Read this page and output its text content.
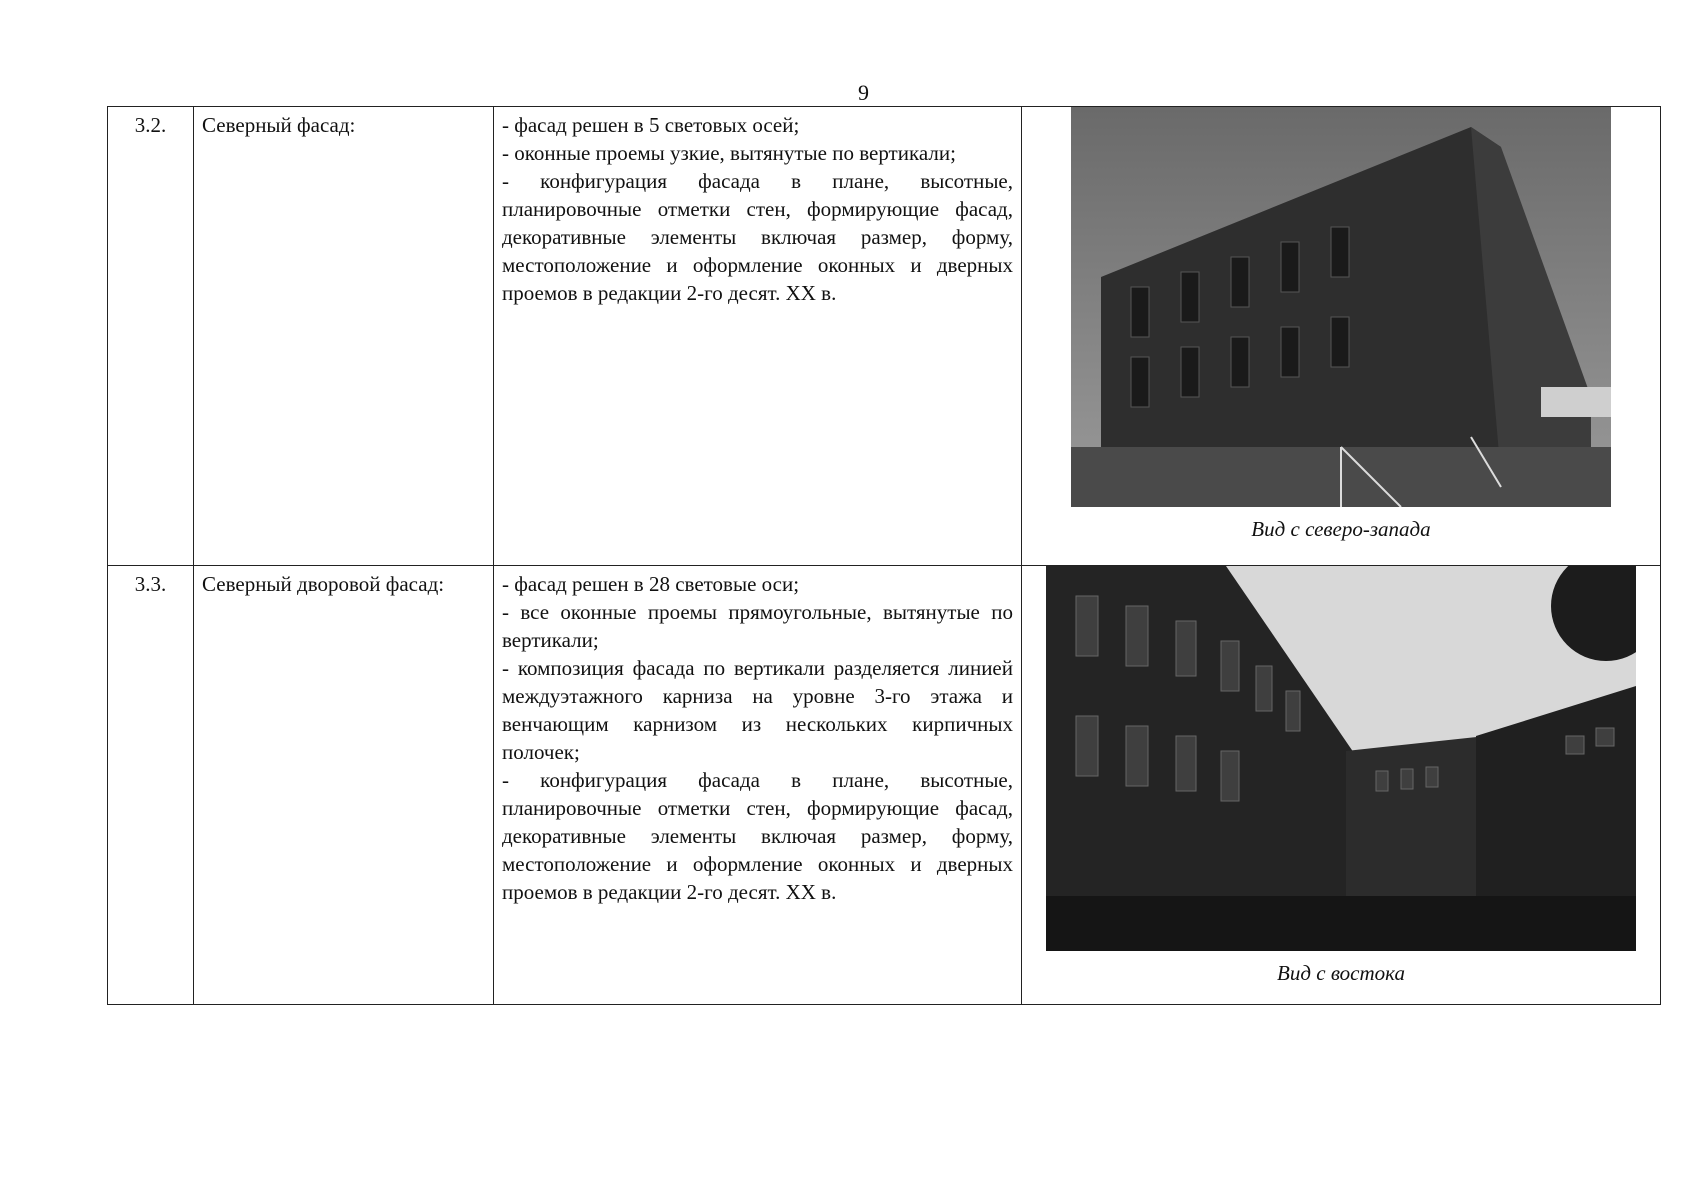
9
3.2.	Северный фасад:	- фасад решен в 5 световых осей;

- оконные проемы узкие, вытянутые по вертикали;

- конфигурация фасада в плане, высотные, планировочные отметки стен, формирующие фасад, декоративные элементы включая размер, форму, местоположение и оформление оконных и дверных проемов в редакции 2-го десят. XX в.	Вид с северо-запада

3.3.	Северный дворовой фасад:	- фасад решен в 28 световые оси;

- все оконные проемы прямоугольные, вытянутые по вертикали;

- композиция фасада по вертикали разделяется линией междуэтажного карниза на уровне 3-го этажа и венчающим карнизом из нескольких кирпичных полочек;

- конфигурация фасада в плане, высотные, планировочные отметки стен, формирующие фасад, декоративные элементы включая размер, форму, местоположение и оформление оконных и дверных проемов в редакции 2-го десят. XX в.	Вид с востока
